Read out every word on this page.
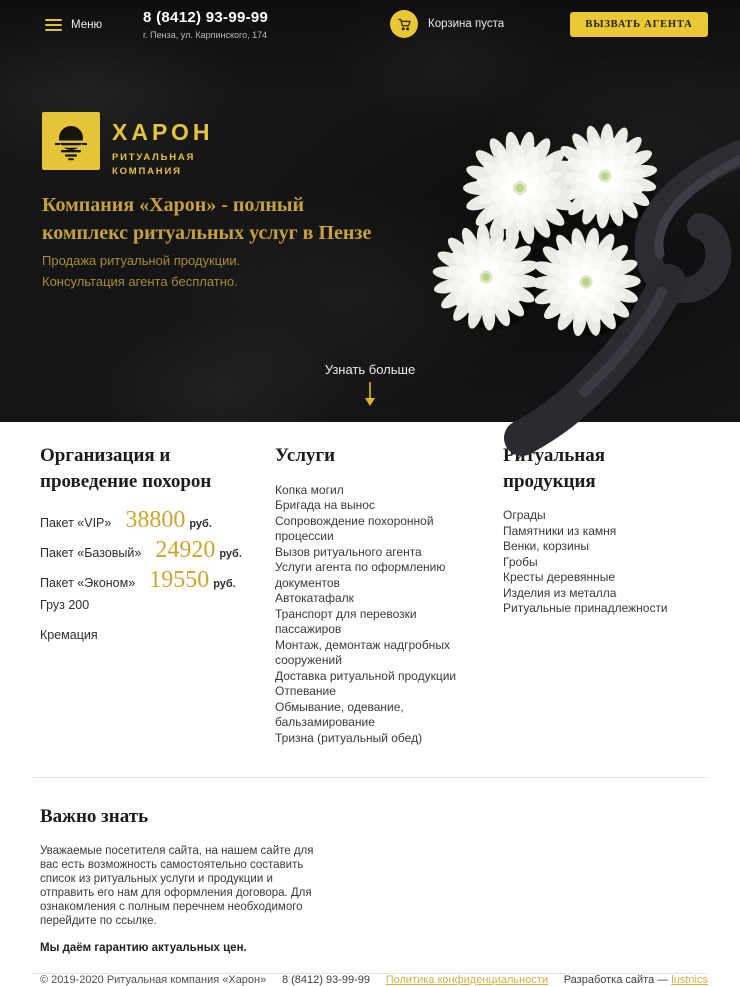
Меню	8 (8412) 93-99-99
г. Пенза, ул. Карпинского, 174
Корзина пуста	ВЫЗВАТЬ АГЕНТА
ХАРОН
РИТУАЛЬНАЯ
КОМПАНИЯ
Компания «Харон» - полный комплекс ритуальных услуг в Пензе
Продажа ритуальной продукции.
Консультация агента бесплатно.
Узнать больше
Организация и проведение похорон
Пакет «VIP» 38800 руб.
Пакет «Базовый» 24920 руб.
Пакет «Эконом» 19550 руб.
Груз 200
Кремация
Услуги
Копка могил
Бригада на вынос
Сопровождение похоронной процессии
Вызов ритуального агента
Услуги агента по оформлению документов
Автокатафалк
Транспорт для перевозки пассажиров
Монтаж, демонтаж надгробных сооружений
Доставка ритуальной продукции
Отпевание
Обмывание, одевание, бальзамирование
Тризна (ритуальный обед)
Ритуальная продукция
Ограды
Памятники из камня
Венки, корзины
Гробы
Кресты деревянные
Изделия из металла
Ритуальные принадлежности
Важно знать

Уважаемые посетителя сайта, на нашем сайте для вас есть возможность самостоятельно составить список из ритуальных услуги и продукции и отправить его нам для оформления договора. Для ознакомления с полным перечнем необходимого перейдите по ссылке.

Мы даём гарантию актуальных цен.

© 2019-2020 Ритуальная компания «Харон» 8 (8412) 93-99-99 Политика конфиденциальности Разработка сайта — lustnics
